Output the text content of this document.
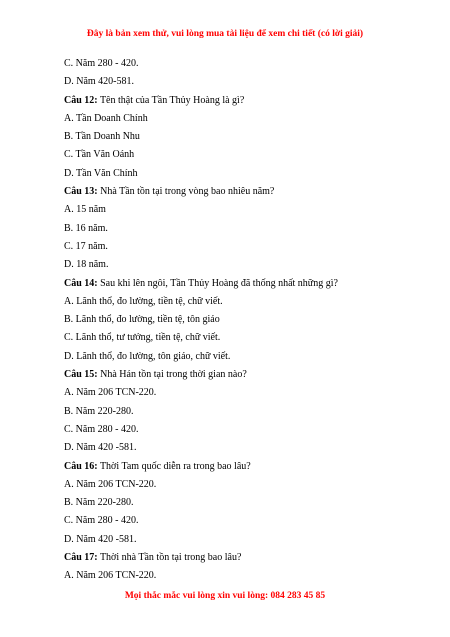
Đây là bản xem thử, vui lòng mua tài liệu để xem chi tiết (có lời giải)
C. Năm 280 - 420.
D. Năm 420-581.
Câu 12: Tên thật của Tần Thủy Hoàng là gì?
A. Tần Doanh Chính
B. Tần Doanh Nhu
C. Tần Văn Oánh
D. Tần Văn Chính
Câu 13: Nhà Tần tồn tại trong vòng bao nhiêu năm?
A. 15 năm
B. 16 năm.
C. 17 năm.
D. 18 năm.
Câu 14: Sau khi lên ngôi, Tần Thủy Hoàng đã thống nhất những gì?
A. Lãnh thổ, đo lường, tiền tệ, chữ viết.
B. Lãnh thổ, đo lường, tiền tệ, tôn giáo
C. Lãnh thổ, tư tưởng, tiền tệ, chữ viết.
D. Lãnh thổ, đo lường, tôn giáo, chữ viết.
Câu 15: Nhà Hán tồn tại trong thời gian nào?
A. Năm 206 TCN-220.
B. Năm 220-280.
C. Năm 280 - 420.
D. Năm 420 -581.
Câu 16: Thời Tam quốc diễn ra trong bao lâu?
A. Năm 206 TCN-220.
B. Năm 220-280.
C. Năm 280 - 420.
D. Năm 420 -581.
Câu 17: Thời nhà Tần tồn tại trong bao lâu?
A. Năm 206 TCN-220.
Mọi thắc mắc vui lòng xin vui lòng: 084 283 45 85
